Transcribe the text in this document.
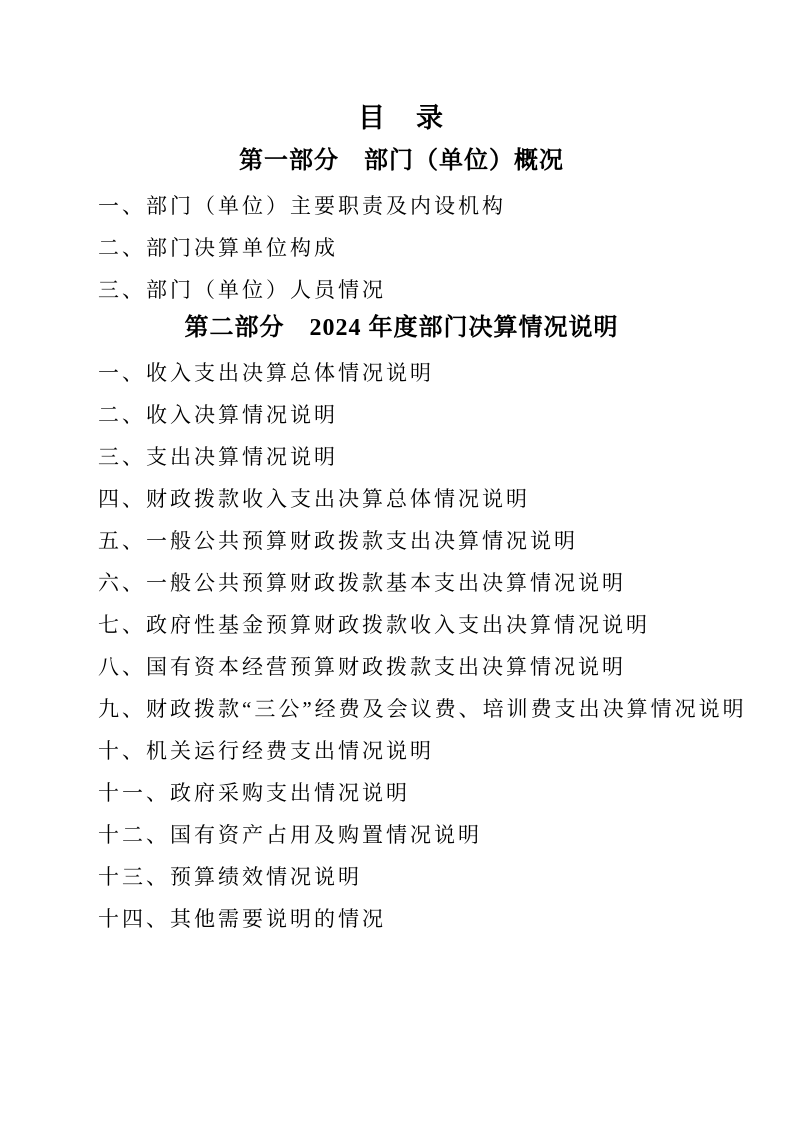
目　录
第一部分　部门（单位）概况

一、部门（单位）主要职责及内设机构

二、部门决算单位构成

三、部门（单位）人员情况

第二部分　2024 年度部门决算情况说明

一、收入支出决算总体情况说明

二、收入决算情况说明

三、支出决算情况说明

四、财政拨款收入支出决算总体情况说明

五、一般公共预算财政拨款支出决算情况说明

六、一般公共预算财政拨款基本支出决算情况说明

七、政府性基金预算财政拨款收入支出决算情况说明

八、国有资本经营预算财政拨款支出决算情况说明

九、财政拨款“三公”经费及会议费、培训费支出决算情况说明

十、机关运行经费支出情况说明

十一、政府采购支出情况说明

十二、国有资产占用及购置情况说明

十三、预算绩效情况说明

十四、其他需要说明的情况
